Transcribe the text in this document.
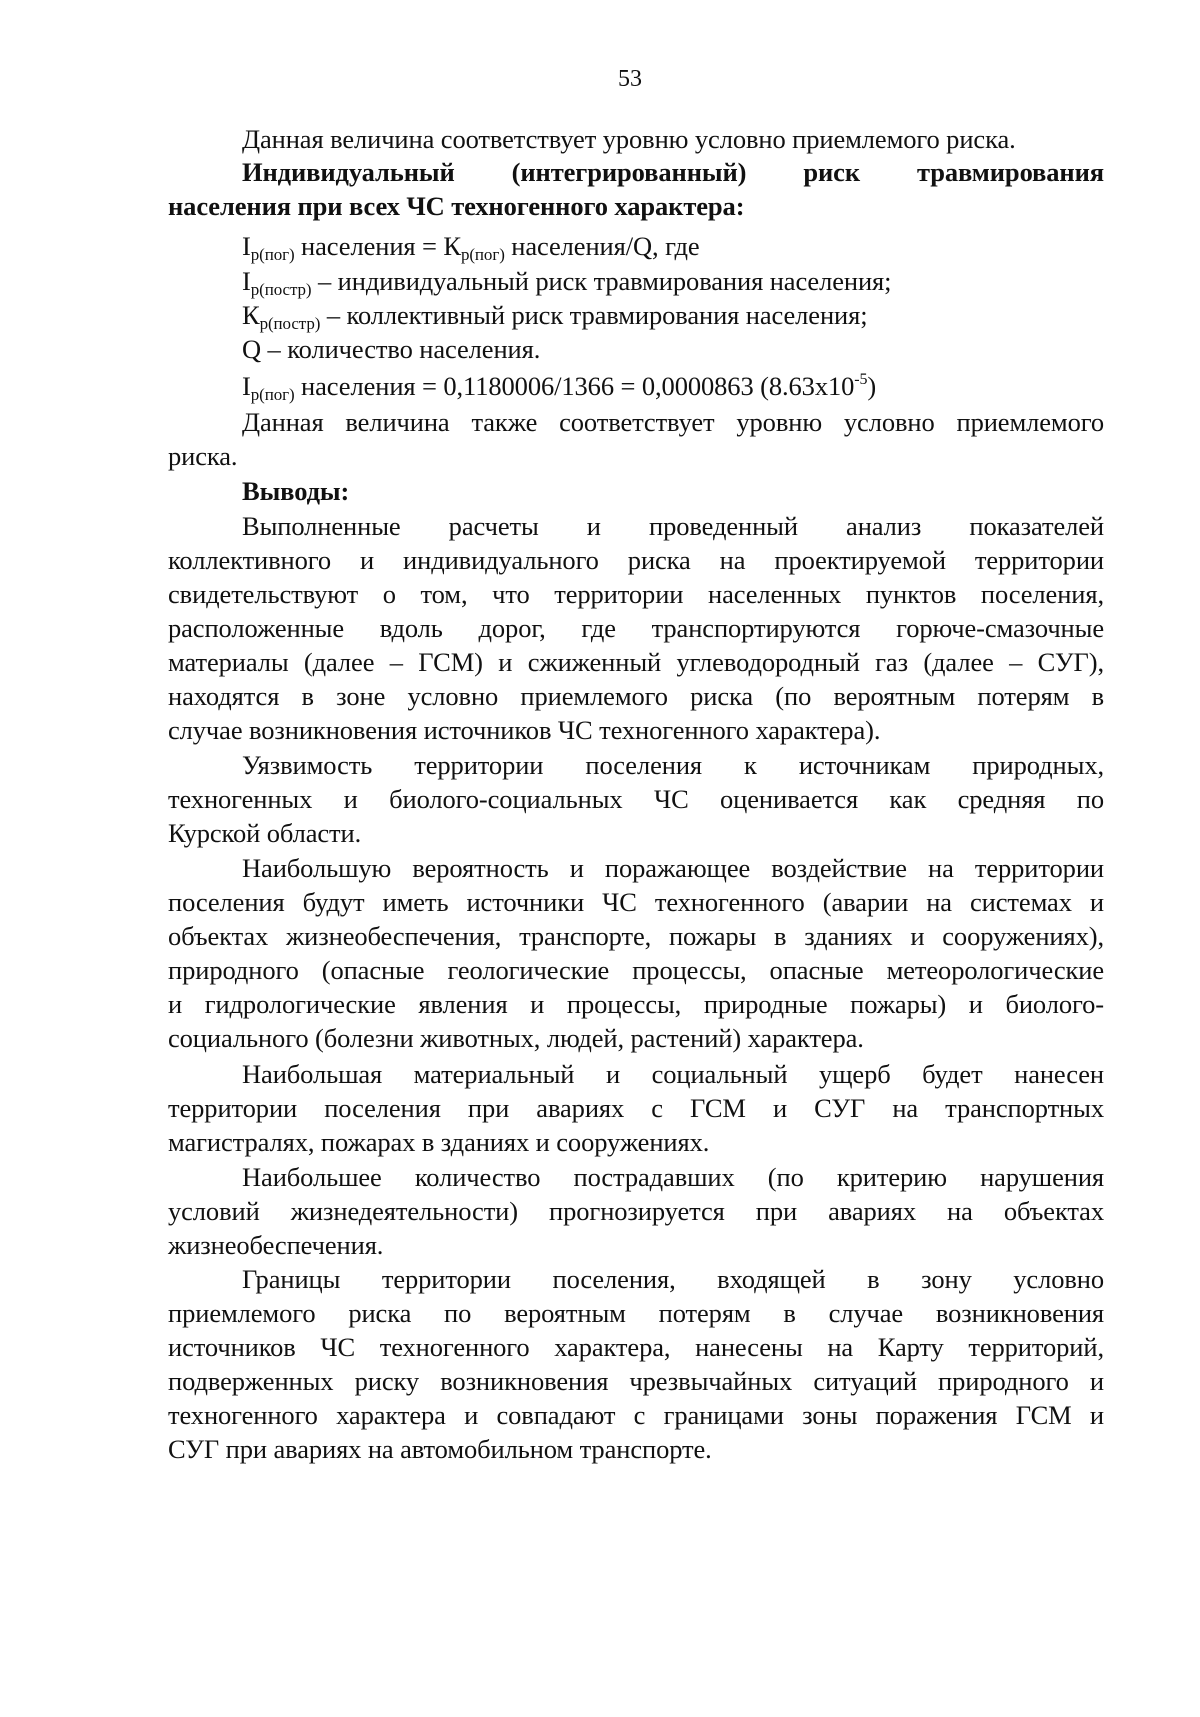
53
Данная величина соответствует уровню условно приемлемого риска.
Индивидуальный (интегрированный) риск травмирования
населения при всех ЧС техногенного характера:
$I_{р(пог)}$ населения = $К_{р(пог)}$ населения/Q, где
$I_{р(постр)}$ – индивидуальный риск травмирования населения;
$К_{р(постр)}$ – коллективный риск травмирования населения;
Q – количество населения.
$I_{р(пог)}$ населения = 0,1180006/1366 = 0,0000863 $(8.63x10^{-5})$
Данная величина также соответствует уровню условно приемлемого
риска.
Выводы:
Выполненные расчеты и проведенный анализ показателей
коллективного и индивидуального риска на проектируемой территории
свидетельствуют о том, что территории населенных пунктов поселения,
расположенные вдоль дорог, где транспортируются горюче-смазочные
материалы (далее – ГСМ) и сжиженный углеводородный газ (далее – СУГ),
находятся в зоне условно приемлемого риска (по вероятным потерям в
случае возникновения источников ЧС техногенного характера).
Уязвимость территории поселения к источникам природных,
техногенных и биолого-социальных ЧС оценивается как средняя по
Курской области.
Наибольшую вероятность и поражающее воздействие на территории
поселения будут иметь источники ЧС техногенного (аварии на системах и
объектах жизнеобеспечения, транспорте, пожары в зданиях и сооружениях),
природного (опасные геологические процессы, опасные метеорологические
и гидрологические явления и процессы, природные пожары) и биолого-
социального (болезни животных, людей, растений) характера.
Наибольшая материальный и социальный ущерб будет нанесен
территории поселения при авариях с ГСМ и СУГ на транспортных
магистралях, пожарах в зданиях и сооружениях.
Наибольшее количество пострадавших (по критерию нарушения
условий жизнедеятельности) прогнозируется при авариях на объектах
жизнеобеспечения.
Границы территории поселения, входящей в зону условно
приемлемого риска по вероятным потерям в случае возникновения
источников ЧС техногенного характера, нанесены на Карту территорий,
подверженных риску возникновения чрезвычайных ситуаций природного и
техногенного характера и совпадают с границами зоны поражения ГСМ и
СУГ при авариях на автомобильном транспорте.
